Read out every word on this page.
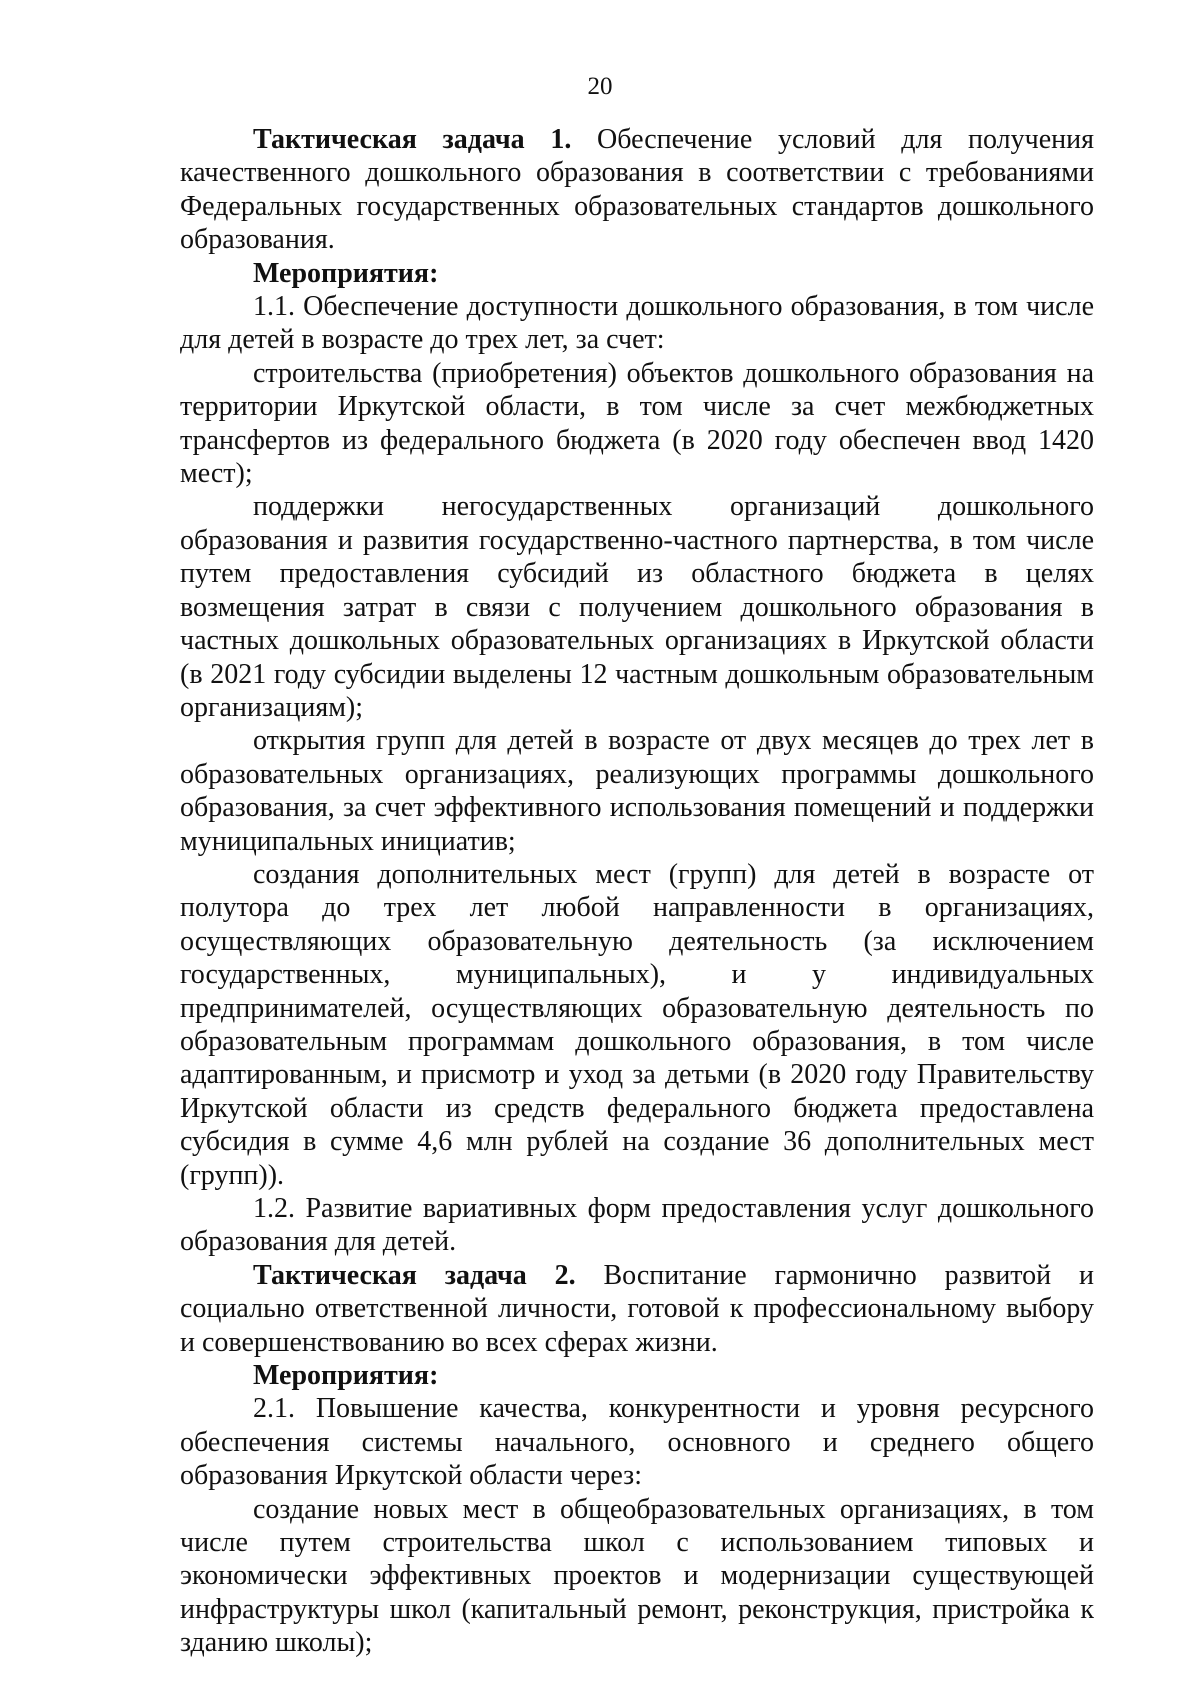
20

Тактическая задача 1. Обеспечение условий для получения качественного дошкольного образования в соответствии с требованиями Федеральных государственных образовательных стандартов дошкольного образования.

Мероприятия:

1.1. Обеспечение доступности дошкольного образования, в том числе для детей в возрасте до трех лет, за счет:

строительства (приобретения) объектов дошкольного образования на территории Иркутской области, в том числе за счет межбюджетных трансфертов из федерального бюджета (в 2020 году обеспечен ввод 1420 мест);

поддержки негосударственных организаций дошкольного образования и развития государственно-частного партнерства, в том числе путем предоставления субсидий из областного бюджета в целях возмещения затрат в связи с получением дошкольного образования в частных дошкольных образовательных организациях в Иркутской области (в 2021 году субсидии выделены 12 частным дошкольным образовательным организациям);

открытия групп для детей в возрасте от двух месяцев до трех лет в образовательных организациях, реализующих программы дошкольного образования, за счет эффективного использования помещений и поддержки муниципальных инициатив;

создания дополнительных мест (групп) для детей в возрасте от полутора до трех лет любой направленности в организациях, осуществляющих образовательную деятельность (за исключением государственных, муниципальных), и у индивидуальных предпринимателей, осуществляющих образовательную деятельность по образовательным программам дошкольного образования, в том числе адаптированным, и присмотр и уход за детьми (в 2020 году Правительству Иркутской области из средств федерального бюджета предоставлена субсидия в сумме 4,6 млн рублей на создание 36 дополнительных мест (групп)).

1.2. Развитие вариативных форм предоставления услуг дошкольного образования для детей.

Тактическая задача 2. Воспитание гармонично развитой и социально ответственной личности, готовой к профессиональному выбору и совершенствованию во всех сферах жизни.

Мероприятия:

2.1. Повышение качества, конкурентности и уровня ресурсного обеспечения системы начального, основного и среднего общего образования Иркутской области через:

создание новых мест в общеобразовательных организациях, в том числе путем строительства школ с использованием типовых и экономически эффективных проектов и модернизации существующей инфраструктуры школ (капитальный ремонт, реконструкция, пристройка к зданию школы);
